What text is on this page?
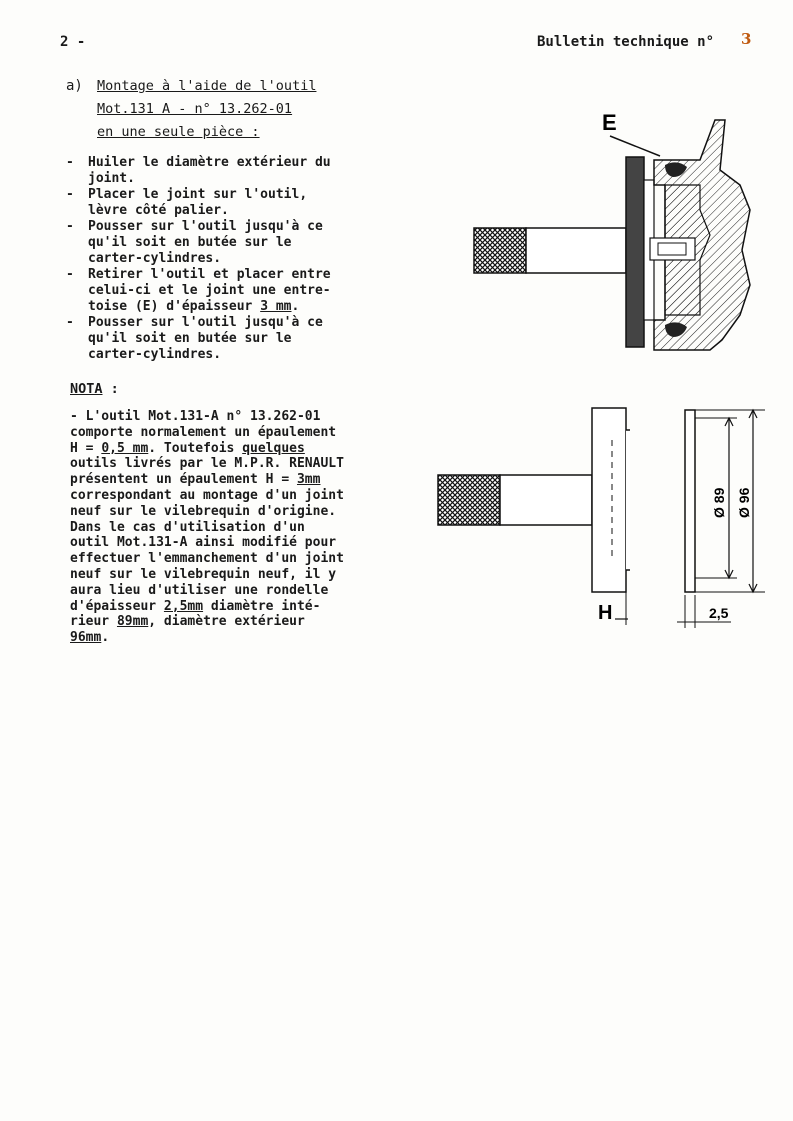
2 -	Bulletin technique n° 3
a) Montage à l'aide de l'outil
Mot.131 A - n° 13.262-01
en une seule pièce :
-	Huiler le diamètre extérieur du
joint.
-	Placer le joint sur l'outil,
lèvre côté palier.
-	Pousser sur l'outil jusqu'à ce
qu'il soit en butée sur le
carter-cylindres.
-	Retirer l'outil et placer entre
celui-ci et le joint une entre-
toise (E) d'épaisseur 3 mm.
-	Pousser sur l'outil jusqu'à ce
qu'il soit en butée sur le
carter-cylindres.
NOTA :
- L'outil Mot.131-A n° 13.262-01
comporte normalement un épaulement
H = 0,5 mm. Toutefois quelques
outils livrés par le M.P.R. RENAULT
présentent un épaulement H = 3mm
correspondant au montage d'un joint
neuf sur le vilebrequin d'origine.
Dans le cas d'utilisation d'un
outil Mot.131-A ainsi modifié pour
effectuer l'emmanchement d'un joint
neuf sur le vilebrequin neuf, il y
aura lieu d'utiliser une rondelle
d'épaisseur 2,5mm diamètre inté-
rieur 89mm, diamètre extérieur
96mm.
E
H
Ø 89 Ø 96
2,5
